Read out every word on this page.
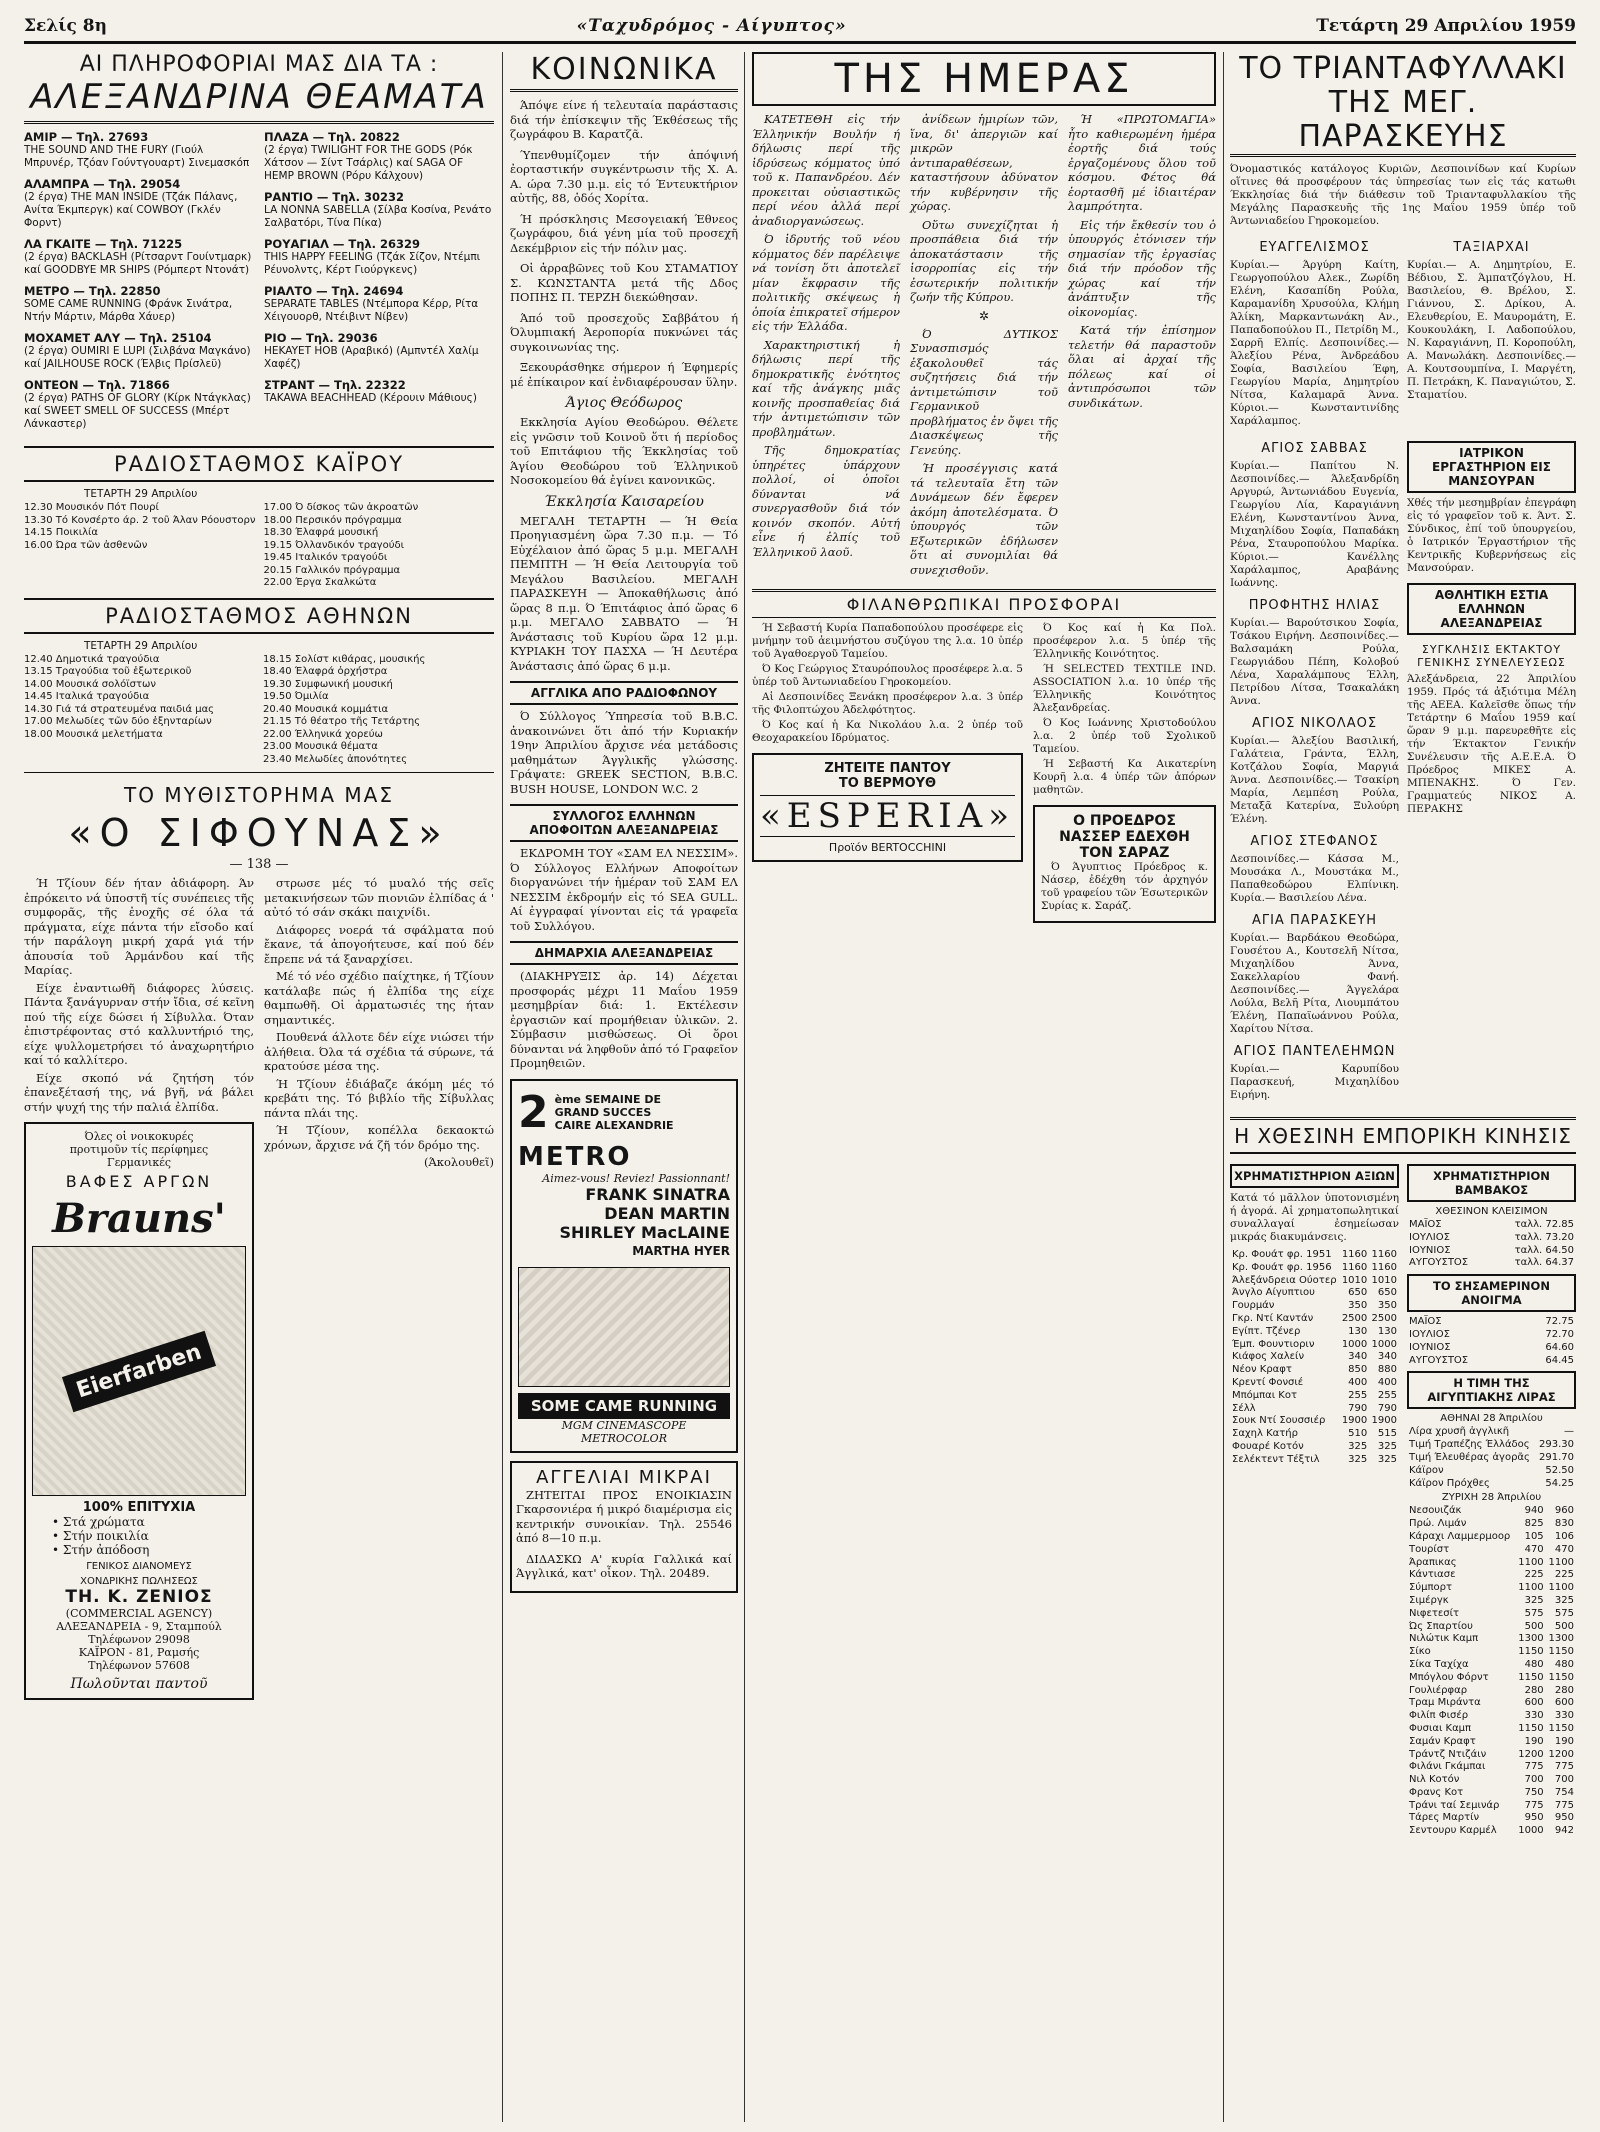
Σελίς 8η	«Ταχυδρόμος - Αίγυπτος»	Τετάρτη 29 Απριλίου 1959
ΑΙ ΠΛΗΡΟΦΟΡΙΑΙ ΜΑΣ ΔΙΑ ΤΑ :
ΑΛΕΞΑΝΔΡΙΝΑ ΘΕΑΜΑΤΑ
ΑΜΙΡ — Τηλ. 27693
THE SOUND AND THE FURY (Γιούλ Μπρυνέρ, Τζόαν Γούντγουαρτ) Σινεμασκόπ
ΑΛΑΜΠΡΑ — Τηλ. 29054
(2 έργα) THE MAN INSIDE (Τζάκ Πάλανς, Ανίτα Έκμπεργκ) καί COWBOY (Γκλέν Φορντ)
ΛΑ ΓΚΑΙΤΕ — Τηλ. 71225
(2 έργα) BACKLASH (Ρίτσαρντ Γουίντμαρκ) καί GOODBYE MR SHIPS (Ρόμπερτ Ντονάτ)
ΜΕΤΡΟ — Τηλ. 22850
SOME CAME RUNNING (Φράνκ Σινάτρα, Ντήν Μάρτιν, Μάρθα Χάυερ)
ΜΟΧΑΜΕΤ ΑΛΥ — Τηλ. 25104
(2 έργα) OUMIRI E LUPI (Σιλβάνα Μαγκάνο) καί JAILHOUSE ROCK (Έλβις Πρίσλεϋ)
ΟΝΤΕΟΝ — Τηλ. 71866
(2 έργα) PATHS OF GLORY (Κίρκ Ντάγκλας) καί SWEET SMELL OF SUCCESS (Μπέρτ Λάνκαστερ)
ΠΛΑΖΑ — Τηλ. 20822
(2 έργα) TWILIGHT FOR THE GODS (Ρόκ Χάτσον — Σίντ Τσάρλις) καί SAGA OF HEMP BROWN (Ρόρυ Κάλχουν)
ΡΑΝΤΙΟ — Τηλ. 30232
LA NONNA SABELLA (Σίλβα Κοσίνα, Ρενάτο Σαλβατόρι, Τίνα Πίκα)
ΡΟΥΑΓΙΑΛ — Τηλ. 26329
THIS HAPPY FEELING (Τζάκ Σίζον, Ντέμπι Ρέυνολντς, Κέρτ Γιούργκενς)
ΡΙΑΛΤΟ — Τηλ. 24694
SEPARATE TABLES (Ντέμπορα Κέρρ, Ρίτα Χέιγουορθ, Ντέιβιντ Νίβεν)
ΡΙΟ — Τηλ. 29036
HEKAYET HOB (Αραβικό) (Αμπντέλ Χαλίμ Χαφέζ)
ΣΤΡΑΝΤ — Τηλ. 22322
TAKAWA BEACHHEAD (Κέρουιν Μάθιους)
ΡΑΔΙΟΣΤΑΘΜΟΣ ΚΑΪΡΟΥ
ΤΕΤΑΡΤΗ 29 Απριλίου
12.30 Μουσικόν Πότ Πουρί
13.30 Τό Κονσέρτο άρ. 2 τοῦ Άλαν Ρόουστορν
14.15 Ποικιλία
16.00 Ώρα τῶν ἀσθενῶν
17.00 Ό δίσκος τῶν ἀκροατῶν
18.00 Περσικόν πρόγραμμα
18.30 Έλαφρά μουσική
19.15 Όλλανδικόν τραγούδι
19.45 Ιταλικόν τραγούδι
20.15 Γαλλικόν πρόγραμμα
22.00 Έργα Σκαλκώτα
ΡΑΔΙΟΣΤΑΘΜΟΣ ΑΘΗΝΩΝ
ΤΕΤΑΡΤΗ 29 Απριλίου
12.40 Δημοτικά τραγούδια
13.15 Τραγούδια τοῦ ἐξωτερικοῦ
14.00 Μουσικά σολόϊστων
14.45 Ιταλικά τραγούδια
14.30 Γιά τά στρατευμένα παιδιά μας
17.00 Μελωδίες τῶν δύο ἐξηνταρίων
18.00 Μουσικά μελετήματα
18.15 Σολίστ κιθάρας, μουσικής
18.40 Έλαφρά ὀρχήστρα
19.30 Συμφωνική μουσική
19.50 Όμιλία
20.40 Μουσικά κομμάτια
21.15 Τό θέατρο τῆς Τετάρτης
22.00 Έλληνικά χορεύω
23.00 Μουσικά θέματα
23.40 Μελωδίες ἀπονότητες
ΤΟ ΜΥΘΙΣΤΟΡΗΜΑ ΜΑΣ
«Ο ΣΙΦΟΥΝΑΣ»
— 138 —

Ή Τζίουν δέν ήταν ἀδιάφορη. Άν ἐπρόκειτο νά ὑποστῆ τίς συνέπειες τῆς συμφορᾶς, τῆς ἐνοχῆς σέ όλα τά πράγματα, είχε πάντα τήν εἴσοδο καί τήν παράλογη μικρή χαρά γιά τήν ἀπουσία τοῦ Άρμάνδου καί τῆς Μαρίας.

Είχε ἐναντιωθῆ διάφορες λύσεις. Πάντα ξανάγυρναν στήν ἴδια, σέ κεῖνη πού τῆς είχε δώσει ή Σίβυλλα. Όταν ἐπιστρέφοντας στό καλλυντήριό της, είχε ψυλλομετρήσει τό ἀναχωρητήριο καί τό καλλίτερο.

Είχε σκοπό νά ζητήση τόν ἐπανεξέτασή της, νά βγῆ, νά βάλει στήν ψυχή της τήν παλιά ἐλπίδα.

Όλες οἱ νοικοκυρές
προτιμοῦν τίς περίφημες
Γερμανικές
ΒΑΦΕΣ ΑΡΓΩΝ
Brauns'
Eierfarben
100% ΕΠΙΤΥΧΙΑ
• Στά χρώματα
• Στήν ποικιλία
• Στήν ἀπόδοση
ΓΕΝΙΚΟΣ ΔΙΑΝΟΜΕΥΣ
ΧΟΝΔΡΙΚΗΣ ΠΩΛΗΣΕΩΣ
ΤΗ. Κ. ΖΕΝΙΟΣ
(COMMERCIAL AGENCY)
ΑΛΕΞΑΝΔΡΕΙΑ - 9, Σταμπούλ
Τηλέφωνον 29098
ΚΑΪΡΟΝ - 81, Ραμσής
Τηλέφωνον 57608
Πωλοῦνται παντοῦ

στρωσε μές τό μυαλό τής σεῖς μετακινήσεων τῶν πιονιῶν ἐλπίδας ά ' αὐτό τό σάν σκάκι παιχνίδι.

Διάφορες νοερά τά σφάλματα πού ἔκανε, τά ἀπογοήτευσε, καί πού δέν ἔπρεπε νά τά ξαναρχίσει.

Μέ τό νέο σχέδιο παίχτηκε, ή Τζίουν κατάλαβε πώς ή ἐλπίδα της είχε θαμπωθῆ. Οἱ ἀρματωσιές της ήταν σημαντικές.

Πουθενά άλλοτε δέν είχε νιώσει τήν ἀλήθεια. Όλα τά σχέδια τά σύρωνε, τά κρατούσε μέσα της.

Ή Τζίουν ἐδιάβαζε άκόμη μές τό κρεβάτι της. Τό βιβλίο τῆς Σίβυλλας πάντα πλάι της.

Ή Τζίουν, κοπέλλα δεκαοκτώ χρόνων, ἄρχισε νά ζῆ τόν δρόμο της.

(Άκολουθεῖ)

ΚΟΙΝΩΝΙΚΑ

Άπόψε είνε ή τελευταία παράστασις διά τήν ἐπίσκεψιν τῆς Έκθέσεως τῆς ζωγράφου Β. Καρατζᾶ.

Ύπενθυμίζομεν τήν ἀπόψινή ἐορταστικήν συγκέντρωσιν τῆς Χ. Α. Α. ώρα 7.30 μ.μ. εἰς τό Έντευκτήριον αὐτῆς, 88, ὁδός Χορίτα.

Ή πρόσκλησις Μεσογειακή Έθνεος ζωγράφου, διά γένη μία τοῦ προσεχῆ Δεκέμβριον εἰς τήν πόλιν μας.

Οἱ ἀρραβῶνες τοῦ Κου ΣΤΑΜΑΤΙΟΥ Σ. ΚΩΝΣΤΑΝΤΑ μετά τῆς Δδος ΠΟΠΗΣ Π. ΤΕΡΖΗ διεκώθησαν.

Άπό τοῦ προσεχοῦς Σαββάτου ή Όλυμπιακή Άεροπορία πυκνώνει τάς συγκοινωνίας της.

Ξεκουράσθηκε σήμερον ή Έφημερίς μέ ἐπίκαιρον καί ἐνδιαφέρουσαν ὕλην.

Άγιος Θεόδωρος

Εκκλησία Αγίου Θεοδώρου. Θέλετε εἰς γνῶσιν τοῦ Κοινοῦ ὅτι ή περίοδος τοῦ Επιτάφιου τῆς Έκκλησίας τοῦ Άγίου Θεοδώρου τοῦ Έλληνικοῦ Νοσοκομείου θά ἐγίνει κανονικῶς.

Έκκλησία Καισαρείου

ΜΕΓΑΛΗ ΤΕΤΑΡΤΗ — Ή Θεία Προηγιασμένη ὥρα 7.30 π.μ. — Τό Εὐχέλαιον ἀπό ὥρας 5 μ.μ. ΜΕΓΑΛΗ ΠΕΜΠΤΗ — Ή Θεία Λειτουργία τοῦ Μεγάλου Βασιλείου. ΜΕΓΑΛΗ ΠΑΡΑΣΚΕΥΗ — Άποκαθήλωσις ἀπό ὥρας 8 π.μ. Ό Έπιτάφιος ἀπό ὥρας 6 μ.μ. ΜΕΓΑΛΟ ΣΑΒΒΑΤΟ — Ή Άνάστασις τοῦ Κυρίου ὥρα 12 μ.μ. ΚΥΡΙΑΚΗ ΤΟΥ ΠΑΣΧΑ — Ή Δευτέρα Άνάστασις ἀπό ὥρας 6 μ.μ.

ΑΓΓΛΙΚΑ ΑΠΟ ΡΑΔΙΟΦΩΝΟΥ

Ό Σύλλογος Ύπηρεσία τοῦ B.B.C. ἀνακοινώνει ὅτι ἀπό τήν Κυριακήν 19ην Άπριλίου ἄρχισε νέα μετάδοσις μαθημάτων Άγγλικῆς γλώσσης. Γράψατε: GREEK SECTION, B.B.C. BUSH HOUSE, LONDON W.C. 2

ΣΥΛΛΟΓΟΣ ΕΛΛΗΝΩΝ ΑΠΟΦΟΙΤΩΝ ΑΛΕΞΑΝΔΡΕΙΑΣ

ΕΚΔΡΟΜΗ ΤΟΥ «ΣΑΜ ΕΛ ΝΕΣΣΙΜ». Ό Σύλλογος Ελλήνων Αποφοίτων διοργανώνει τήν ἡμέραν τοῦ ΣΑΜ ΕΛ ΝΕΣΣΙΜ ἐκδρομήν εἰς τό SEA GULL. Αί ἐγγραφαί γίνονται εἰς τά γραφεῖα τοῦ Συλλόγου.

ΔΗΜΑΡΧΙΑ ΑΛΕΞΑΝΔΡΕΙΑΣ

(ΔΙΑΚΗΡΥΞΙΣ ἀρ. 14) Δέχεται προσφοράς μέχρι 11 Μαΐου 1959 μεσημβρίαν διά: 1. Εκτέλεσιν ἐργασιῶν καί προμήθειαν ὑλικῶν. 2. Σύμβασιν μισθώσεως. Οἱ ὅροι δύνανται νά ληφθοῦν ἀπό τό Γραφεῖον Προμηθειῶν.

2 ème SEMAINE DE
GRAND SUCCES
CAIRE ALEXANDRIE
METRO
Aimez-vous! Reviez! Passionnant!
FRANK SINATRA
DEAN MARTIN
SHIRLEY MacLAINE
MARTHA HYER
SOME CAME RUNNING
MGM CINEMASCOPE METROCOLOR
ΑΓΓΕΛΙΑΙ ΜΙΚΡΑΙ

ΖΗΤΕΙΤΑΙ ΠΡΟΣ ΕΝΟΙΚΙΑΣΙΝ Γκαρσονιέρα ή μικρό διαμέρισμα εἰς κεντρικήν συνοικίαν. Τηλ. 25546 ἀπό 8—10 π.μ.

ΔΙΔΑΣΚΩ Α' κυρία Γαλλικά καί Άγγλικά, κατ' οἶκον. Τηλ. 20489.

ΤΗΣ ΗΜΕΡΑΣ

ΚΑΤΕΤΕΘΗ εἰς τήν Έλληνικήν Βουλήν ή δήλωσις περί τῆς ἰδρύσεως κόμματος ὑπό τοῦ κ. Παπανδρέου. Δέν προκειται οὐσιαστικῶς περί νέου ἀλλά περί ἀναδιοργανώσεως.

Ό ἰδρυτής τοῦ νέου κόμματος δέν παρέλειψε νά τονίση ὅτι ἀποτελεῖ μίαν ἔκφρασιν τῆς πολιτικῆς σκέψεως ἡ ὁποία ἐπικρατεῖ σήμερον εἰς τήν Έλλάδα.

Χαρακτηριστική ἡ δήλωσις περί τῆς δημοκρατικῆς ἐνότητος καί τῆς ἀνάγκης μιᾶς κοινῆς προσπαθείας διά τήν ἀντιμετώπισιν τῶν προβλημάτων.

Τῆς δημοκρατίας ὑπηρέτες ὑπάρχουν πολλοί, οἱ ὁποῖοι δύνανται νά συνεργασθοῦν διά τόν κοινόν σκοπόν. Αὐτή εἶνε ή ἐλπίς τοῦ Έλληνικοῦ λαοῦ.

ἀνίδεων ἡμιρίων τῶν, ἵνα, δι' ἀπεργιῶν καί μικρῶν ἀντιπαραθέσεων, καταστήσουν ἀδύνατον τήν κυβέρνησιν τῆς χώρας.

Οὕτω συνεχίζηται ἡ προσπάθεια διά τήν ἀποκατάστασιν τῆς ἰσορροπίας εἰς τήν ἐσωτερικήν πολιτικήν ζωήν τῆς Κύπρου.

✲

Ό ΔΥΤΙΚΟΣ Συνασπισμός ἐξακολουθεῖ τάς συζητήσεις διά τήν ἀντιμετώπισιν τοῦ Γερμανικοῦ προβλήματος ἐν ὄψει τῆς Διασκέψεως τῆς Γενεύης.

Ή προσέγγισις κατά τά τελευταῖα ἔτη τῶν Δυνάμεων δέν ἔφερεν ἀκόμη ἀποτελέσματα. Ό ὑπουργός τῶν Εξωτερικῶν ἐδήλωσεν ὅτι αἱ συνομιλίαι θά συνεχισθοῦν.

Ή «ΠΡΩΤΟΜΑΓΙΑ» ἦτο καθιερωμένη ἡμέρα ἐορτῆς διά τούς ἐργαζομένους ὅλου τοῦ κόσμου. Φέτος θά ἑορτασθῆ μέ ἰδιαιτέραν λαμπρότητα.

Εἰς τήν ἔκθεσίν του ὁ ὑπουργός ἐτόνισεν τήν σημασίαν τῆς ἐργασίας διά τήν πρόοδον τῆς χώρας καί τήν ἀνάπτυξιν τῆς οἰκονομίας.

Κατά τήν ἐπίσημον τελετήν θά παραστοῦν ὅλαι αἱ ἀρχαί τῆς πόλεως καί οἱ ἀντιπρόσωποι τῶν συνδικάτων.

ΦΙΛΑΝΘΡΩΠΙΚΑΙ ΠΡΟΣΦΟΡΑΙ

Ή Σεβαστή Κυρία Παπαδοπούλου προσέφερε εἰς μνήμην τοῦ ἀειμνήστου συζύγου της λ.α. 10 ὑπέρ τοῦ Άγαθοεργοῦ Ταμείου.

Ό Κος Γεώργιος Σταυρόπουλος προσέφερε λ.α. 5 ὑπέρ τοῦ Άντωνιαδείου Γηροκομείου.

Αἱ Δεσποινίδες Ξενάκη προσέφερον λ.α. 3 ὑπέρ τῆς Φιλοπτώχου Άδελφότητος.

Ό Κος καί ἡ Κα Νικολάου λ.α. 2 ὑπέρ τοῦ Θεοχαρακείου Ιδρύματος.

ΖΗΤΕΙΤΕ ΠΑΝΤΟΥ
ΤΟ ΒΕΡΜΟΥΘ
«ESPERIA»
Προϊόν BERTOCCHINI

Ό Κος καί ἡ Κα Πολ. προσέφερον λ.α. 5 ὑπέρ τῆς Έλληνικῆς Κοινότητος.

Ή SELECTED TEXTILE IND. ASSOCIATION λ.α. 10 ὑπέρ τῆς Έλληνικῆς Κοινότητος Άλεξανδρείας.

Ό Κος Ιωάννης Χριστοδούλου λ.α. 2 ὑπέρ τοῦ Σχολικοῦ Ταμείου.

Ή Σεβαστή Κα Αικατερίνη Κουρῆ λ.α. 4 ὑπέρ τῶν ἀπόρων μαθητῶν.

Ο ΠΡΟΕΔΡΟΣ ΝΑΣΣΕΡ ΕΔΕΧΘΗ ΤΟΝ ΣΑΡΑΖ

Ό Άγυπτιος Πρόεδρος κ. Νάσερ, ἐδέχθη τόν ἀρχηγόν τοῦ γραφείου τῶν Έσωτερικῶν Συρίας κ. Σαράζ.

ΤΟ ΤΡΙΑΝΤΑΦΥΛΛΑΚΙ ΤΗΣ ΜΕΓ. ΠΑΡΑΣΚΕΥΗΣ

Όνομαστικός κατάλογος Κυριῶν, Δεσποινίδων καί Κυρίων οἵτινες θά προσφέρουν τάς ὑπηρεσίας των εἰς τάς κατωθι Έκκλησίας διά τήν διάθεσιν τοῦ Τριανταφυλλακίου τῆς Μεγάλης Παρασκευῆς τῆς 1ης Μαΐου 1959 ὑπέρ τοῦ Άντωνιαδείου Γηροκομείου.

ΕΥΑΓΓΕΛΙΣΜΟΣ

Κυρίαι.— Άργύρη Καίτη, Γεωργοπούλου Αλεκ., Ζωρίδη Ελένη, Κασαπίδη Ρούλα, Καραμανίδη Χρυσούλα, Κλήμη Άλίκη, Μαρκαντωνάκη Αν., Παπαδοπούλου Π., Πετρίδη Μ., Σαρρῆ Ελπίς. Δεσποινίδες.— Άλεξίου Ρένα, Άνδρεάδου Σοφία, Βασιλείου Έφη, Γεωργίου Μαρία, Δημητρίου Νίτσα, Καλαμαρᾶ Άννα. Κύριοι.— Κωνσταντινίδης Χαράλαμπος.

ΤΑΞΙΑΡΧΑΙ

Κυρίαι.— Α. Δημητρίου, Ε. Βέδιου, Σ. Άμπατζόγλου, Η. Βασιλείου, Θ. Βρέλου, Σ. Γιάννου, Σ. Δρίκου, Α. Ελευθερίου, Ε. Μαυρομάτη, Ε. Κουκουλάκη, Ι. Λαδοπούλου, Ν. Καραγιάννη, Π. Κοροπούλη, Α. Μανωλάκη. Δεσποινίδες.— Α. Κουτσουμπίνα, Ι. Μαργέτη, Π. Πετράκη, Κ. Παναγιώτου, Σ. Σταματίου.

ΑΓΙΟΣ ΣΑΒΒΑΣ

Κυρίαι.— Παπίτου Ν. Δεσποινίδες.— Άλεξανδρίδη Αργυρώ, Άντωνιάδου Ευγενία, Γεωργίου Λία, Καραγιάννη Ελένη, Κωνσταντίνου Άννα, Μιχαηλίδου Σοφία, Παπαδάκη Ρένα, Σταυροπούλου Μαρίκα. Κύριοι.— Κανέλλης Χαράλαμπος, Αραβάνης Ιωάννης.

ΠΡΟΦΗΤΗΣ ΗΛΙΑΣ

Κυρίαι.— Βαρούτσικου Σοφία, Τσάκου Ειρήνη. Δεσποινίδες.— Βαλσαμάκη Ρούλα, Γεωργιάδου Πέπη, Κολοβού Λένα, Χαραλάμπους Έλλη, Πετρίδου Λίτσα, Τσακαλάκη Άννα.

ΑΓΙΟΣ ΝΙΚΟΛΑΟΣ

Κυρίαι.— Άλεξίου Βασιλική, Γαλάτεια, Γράντα, Έλλη, Κοτζάλου Σοφία, Μαργιά Άννα. Δεσποινίδες.— Τσακίρη Μαρία, Λεμπέση Ρούλα, Μεταξᾶ Κατερίνα, Ξυλούρη Έλένη.

ΑΓΙΟΣ ΣΤΕΦΑΝΟΣ

Δεσποινίδες.— Κάσσα Μ., Μουσάκα Λ., Μουστάκα Μ., Παπαθεοδώρου Ελπίνικη. Κυρία.— Βασιλείου Λένα.

ΑΓΙΑ ΠΑΡΑΣΚΕΥΗ

Κυρίαι.— Βαρδάκου Θεοδώρα, Γουσέτου Α., Κουτσελῆ Νίτσα, Μιχαηλίδου Άννα, Σακελλαρίου Φανή. Δεσποινίδες.— Άγγελάρα Λούλα, Βελῆ Ρίτα, Λιουμπάτου Έλένη, Παπαϊωάννου Ρούλα, Χαρίτου Νίτσα.

ΑΓΙΟΣ ΠΑΝΤΕΛΕΗΜΩΝ

Κυρίαι.— Καρυπίδου Παρασκευή, Μιχαηλίδου Ειρήνη.

ΙΑΤΡΙΚΟΝ ΕΡΓΑΣΤΗΡΙΟΝ ΕΙΣ ΜΑΝΣΟΥΡΑΝ

Χθές τήν μεσημβρίαν ἐπεγράφη εἰς τό γραφεῖον τοῦ κ. Άντ. Σ. Σύνδικος, ἐπί τοῦ ὑπουργείου, ὁ Ιατρικόν Ἐργαστήριον τῆς Κεντρικῆς Κυβερνήσεως εἰς Μανσούραν.

ΑΘΛΗΤΙΚΗ ΕΣΤΙΑ ΕΛΛΗΝΩΝ ΑΛΕΞΑΝΔΡΕΙΑΣ
ΣΥΓΚΛΗΣΙΣ ΕΚΤΑΚΤΟΥ ΓΕΝΙΚΗΣ ΣΥΝΕΛΕΥΣΕΩΣ

Άλεξάνδρεια, 22 Άπριλίου 1959. Πρός τά ἀξιότιμα Μέλη τῆς ΑΕΕΑ. Καλεῖσθε ὅπως τήν Τετάρτην 6 Μαΐου 1959 καί ὥραν 9 μ.μ. παρευρεθῆτε εἰς τήν Έκτακτον Γενικήν Συνέλευσιν τῆς Α.Ε.Ε.Α. Ό Πρόεδρος ΜΙΚΕΣ Α. ΜΠΕΝΑΚΗΣ. Ό Γεν. Γραμματεύς ΝΙΚΟΣ Α. ΠΕΡΑΚΗΣ

Η ΧΘΕΣΙΝΗ ΕΜΠΟΡΙΚΗ ΚΙΝΗΣΙΣ
ΧΡΗΜΑΤΙΣΤΗΡΙΟΝ ΑΞΙΩΝ

Κατά τό μᾶλλον ὑποτονισμένη ή ἀγορά. Αἱ χρηματοπωλητικαί συναλλαγαί ἐσημείωσαν μικράς διακυμάνσεις.

Κρ. Φουάτ φρ. 1951	1160	1160
Κρ. Φουάτ φρ. 1956	1160	1160
Άλεξάνδρεια Ούοτερ	1010	1010
Άνγλο Αίγυπτιου	650	650
Γουρμάν	350	350
Γκρ. Ντί Καντάν	2500	2500
Εγίπτ. Τζένερ	130	130
Έμπ. Φουντιοριν	1000	1000
Κιάφος Χαλείν	340	340
Νέον Κραφτ	850	880
Κρεντί Φονσιέ	400	400
Μπόμπαι Κοτ	255	255
Σέλλ	790	790
Σουκ Ντί Σουσσιέρ	1900	1900
Σαχηλ Κατήρ	510	515
Φουαρέ Κοτόν	325	325
Σελέκτεντ Τέξτιλ	325	325
ΧΡΗΜΑΤΙΣΤΗΡΙΟΝ ΒΑΜΒΑΚΟΣ
ΧΘΕΣΙΝΟΝ ΚΛΕΙΣΙΜΟΝ
ΜΑΪΟΣ	ταλλ. 72.85
ΙΟΥΛΙΟΣ	ταλλ. 73.20
ΙΟΥΝΙΟΣ	ταλλ. 64.50
ΑΥΓΟΥΣΤΟΣ	ταλλ. 64.37
ΤΟ ΣΗΣΑΜΕΡΙΝΟΝ ΑΝΟΙΓΜΑ
ΜΑΪΟΣ	72.75
ΙΟΥΛΙΟΣ	72.70
ΙΟΥΝΙΟΣ	64.60
ΑΥΓΟΥΣΤΟΣ	64.45
Η ΤΙΜΗ ΤΗΣ ΑΙΓΥΠΤΙΑΚΗΣ ΛΙΡΑΣ
ΑΘΗΝΑΙ 28 Άπριλίου
Λίρα χρυσῆ ἀγγλικῆ	—
Τιμή Τραπέζης Έλλάδος	293.30
Τιμή Έλευθέρας ἀγορᾶς	291.70
Κάϊρον	52.50
Κάϊρον Πρόχθες	54.25
ΖΥΡΙΧΗ 28 Άπριλίου
Νεσουιζάκ	940	960
Πρώ. Λιμάν	825	830
Κάραχι Λαμμερμοορ	105	106
Τουρίστ	470	470
Άραπικας	1100	1100
Κάντιασε	225	225
Σύμπορτ	1100	1100
Σιμέργκ	325	325
Νιφετεσίτ	575	575
Ώς Σπαρτίου	500	500
Νιλώτικ Καμπ	1300	1300
Σίκο	1150	1150
Σίκα Ταχίχα	480	480
Μπόγλου Φόρντ	1150	1150
Γουλιέρφαρ	280	280
Τραμ Μιράντα	600	600
Φιλίπ Φισέρ	330	330
Φυσιαι Καμπ	1150	1150
Σαμάν Κραφτ	190	190
Τράντζ Ντιζάιν	1200	1200
Φιλάνι Γκάμπαι	775	775
Νιλ Κοτόν	700	700
Φρανς Κοτ	750	754
Τράνι ταί Σεμινάρ	775	775
Τάρες Μαρτίν	950	950
Σεντουρυ Καρμέλ	1000	942
